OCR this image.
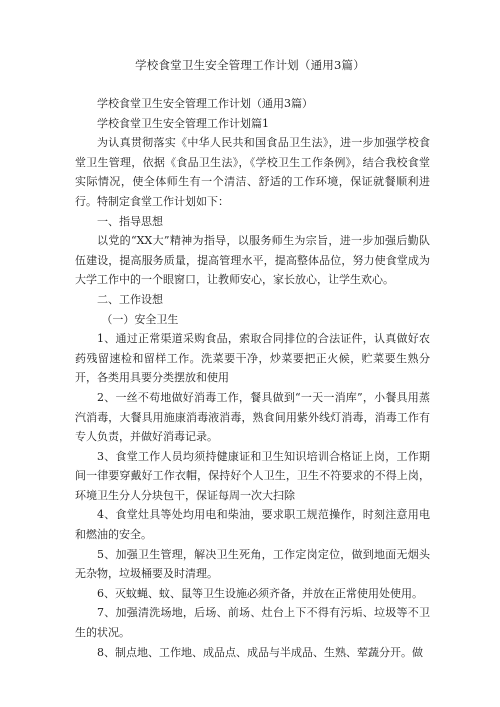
学校食堂卫生安全管理工作计划（通用3篇）

学校食堂卫生安全管理工作计划（通用3篇）

学校食堂卫生安全管理工作计划篇1

为认真贯彻落实《中华人民共和国食品卫生法》，进一步加强学校食堂卫生管理，依据《食品卫生法》，《学校卫生工作条例》，结合我校食堂实际情况，使全体师生有一个清洁、舒适的工作环境，保证就餐顺利进行。特制定食堂工作计划如下：

一、指导思想

以党的“XX大”精神为指导，以服务师生为宗旨，进一步加强后勤队伍建设，提高服务质量，提高管理水平，提高整体品位，努力使食堂成为大学工作中的一个眼窗口，让教师安心，家长放心，让学生欢心。

二、工作设想

（一）安全卫生

1、通过正常渠道采购食品，索取合同排位的合法证件，认真做好农药残留速检和留样工作。洗菜要干净，炒菜要把正火候，贮菜要生熟分开，各类用具要分类摆放和使用

2、一丝不苟地做好消毒工作，餐具做到“一天一消库”，小餐具用蒸汽消毒，大餐具用施康消毒液消毒，熟食间用紫外线灯消毒，消毒工作有专人负责，并做好消毒记录。

3、食堂工作人员均须持健康证和卫生知识培训合格证上岗，工作期间一律要穿戴好工作衣帽，保持好个人卫生，卫生不符要求的不得上岗，环境卫生分人分块包干，保证每周一次大扫除

4、食堂灶具等处均用电和柴油，要求职工规范操作，时刻注意用电和燃油的安全。

5、加强卫生管理，解决卫生死角，工作定岗定位，做到地面无烟头无杂物，垃圾桶要及时清理。

6、灭蚊蝇、蚊、鼠等卫生设施必须齐备，并放在正常使用处使用。

7、加强清洗场地，后场、前场、灶台上下不得有污垢、垃圾等不卫生的状况。

8、制点地、工作地、成品点、成品与半成品、生熟、荤蔬分开。做
